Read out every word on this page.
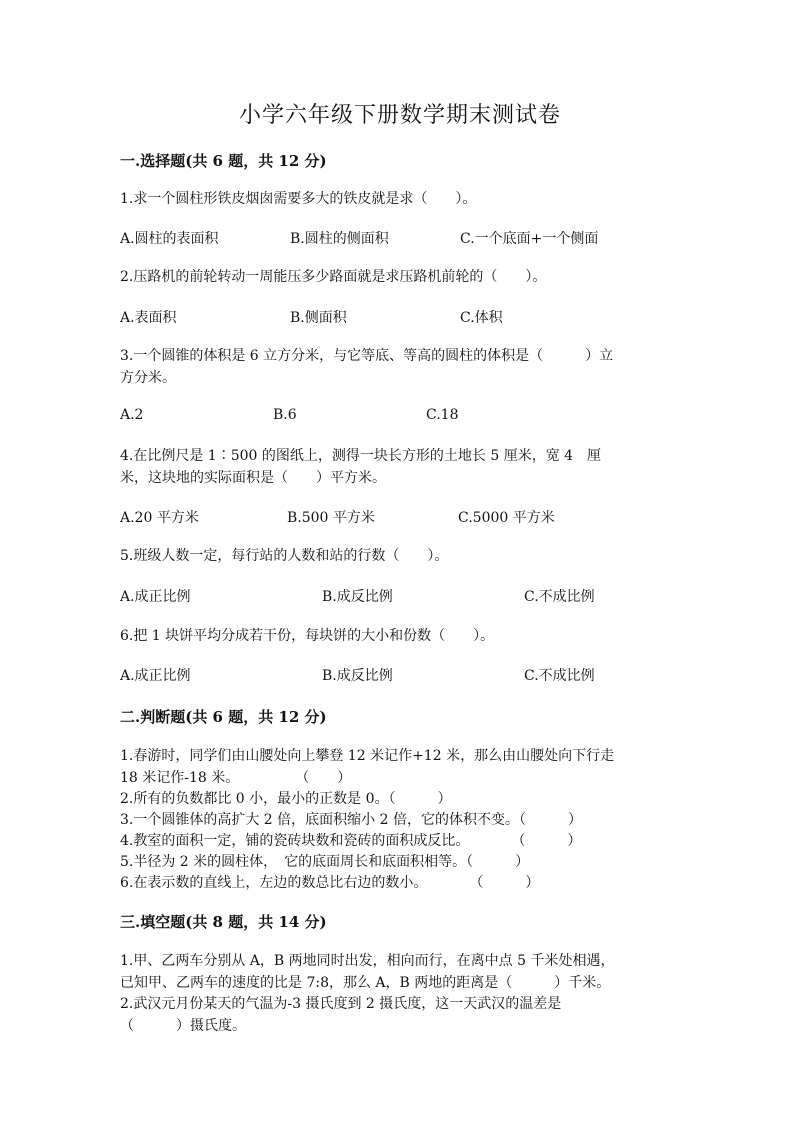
小学六年级下册数学期末测试卷
一.选择题(共 6 题，共 12 分)
1.求一个圆柱形铁皮烟囱需要多大的铁皮就是求（　　）。
A.圆柱的表面积	B.圆柱的侧面积	C.一个底面+一个侧面
2.压路机的前轮转动一周能压多少路面就是求压路机前轮的（　　）。
A.表面积	B.侧面积	C.体积
3.一个圆锥的体积是 6 立方分米，与它等底、等高的圆柱的体积是（　　　）立
方分米。
A.2	B.6	C.18
4.在比例尺是 1∶500 的图纸上，测得一块长方形的土地长 5 厘米，宽 4　厘
米，这块地的实际面积是（　　）平方米。
A.20 平方米	B.500 平方米	C.5000 平方米
5.班级人数一定，每行站的人数和站的行数（　　）。
A.成正比例	B.成反比例	C.不成比例
6.把 1 块饼平均分成若干份，每块饼的大小和份数（　　）。
A.成正比例	B.成反比例	C.不成比例
二.判断题(共 6 题，共 12 分)
1.春游时，同学们由山腰处向上攀登 12 米记作+12 米，那么由山腰处向下行走
18 米记作-18 米。　　　　　（　　）
2.所有的负数都比 0 小，最小的正数是 0。（　　　）
3.一个圆锥体的高扩大 2 倍，底面积缩小 2 倍，它的体积不变。（　　　）
4.教室的面积一定，铺的瓷砖块数和瓷砖的面积成反比。　　　　（　　　）
5.半径为 2 米的圆柱体，　它的底面周长和底面积相等。（　　　）
6.在表示数的直线上，左边的数总比右边的数小。　　　　（　　　）
三.填空题(共 8 题，共 14 分)
1.甲、乙两车分别从 A，B 两地同时出发，相向而行，在离中点 5 千米处相遇，
已知甲、乙两车的速度的比是 7:8，那么 A，B 两地的距离是（　　　）千米。
2.武汉元月份某天的气温为-3 摄氏度到 2 摄氏度，这一天武汉的温差是
（　　　）摄氏度。
